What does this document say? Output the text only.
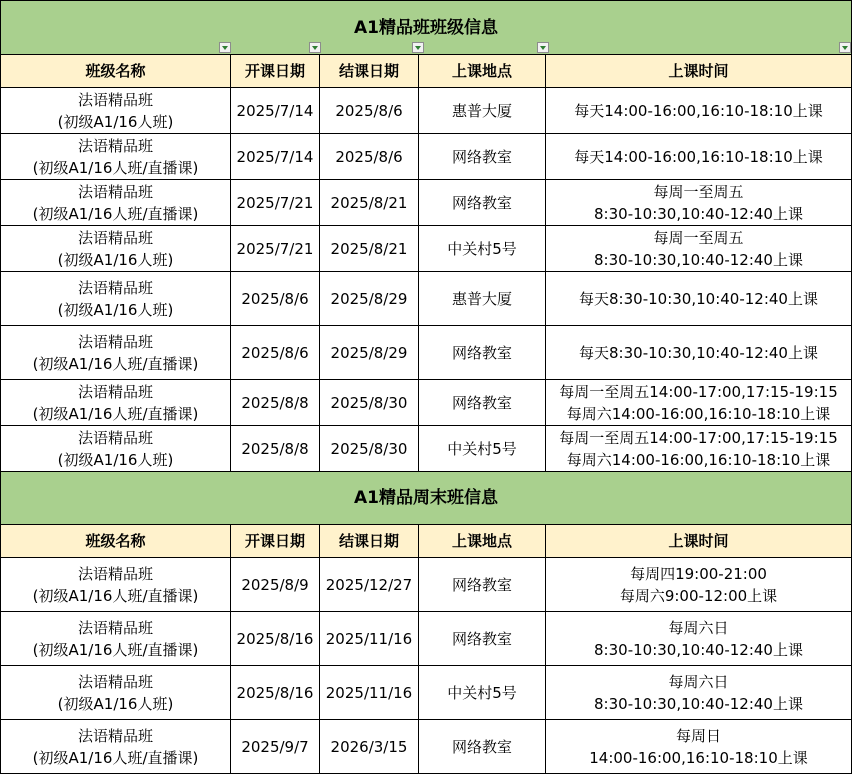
A1精品班班级信息				

班级名称	开课日期	结课日期	上课地点	上课时间

法语精品班
(初级A1/16人班)	2025/7/14	2025/8/6	惠普大厦	每天14:00-16:00,16:10-18:10上课

法语精品班
(初级A1/16人班/直播课)	2025/7/14	2025/8/6	网络教室	每天14:00-16:00,16:10-18:10上课

法语精品班
(初级A1/16人班/直播课)	2025/7/21	2025/8/21	网络教室	每周一至周五
8:30-10:30,10:40-12:40上课

法语精品班
(初级A1/16人班)	2025/7/21	2025/8/21	中关村5号	每周一至周五
8:30-10:30,10:40-12:40上课

法语精品班
(初级A1/16人班)	2025/8/6	2025/8/29	惠普大厦	每天8:30-10:30,10:40-12:40上课

法语精品班
(初级A1/16人班/直播课)	2025/8/6	2025/8/29	网络教室	每天8:30-10:30,10:40-12:40上课

法语精品班
(初级A1/16人班/直播课)	2025/8/8	2025/8/30	网络教室	每周一至周五14:00-17:00,17:15-19:15
每周六14:00-16:00,16:10-18:10上课

法语精品班
(初级A1/16人班)	2025/8/8	2025/8/30	中关村5号	每周一至周五14:00-17:00,17:15-19:15
每周六14:00-16:00,16:10-18:10上课

A1精品周末班信息				
班级名称	开课日期	结课日期	上课地点	上课时间

法语精品班
(初级A1/16人班/直播课)	2025/8/9	2025/12/27	网络教室	每周四19:00-21:00
每周六9:00-12:00上课

法语精品班
(初级A1/16人班/直播课)	2025/8/16	2025/11/16	网络教室	每周六日
8:30-10:30,10:40-12:40上课

法语精品班
(初级A1/16人班)	2025/8/16	2025/11/16	中关村5号	每周六日
8:30-10:30,10:40-12:40上课

法语精品班
(初级A1/16人班/直播课)	2025/9/7	2026/3/15	网络教室	每周日
14:00-16:00,16:10-18:10上课
